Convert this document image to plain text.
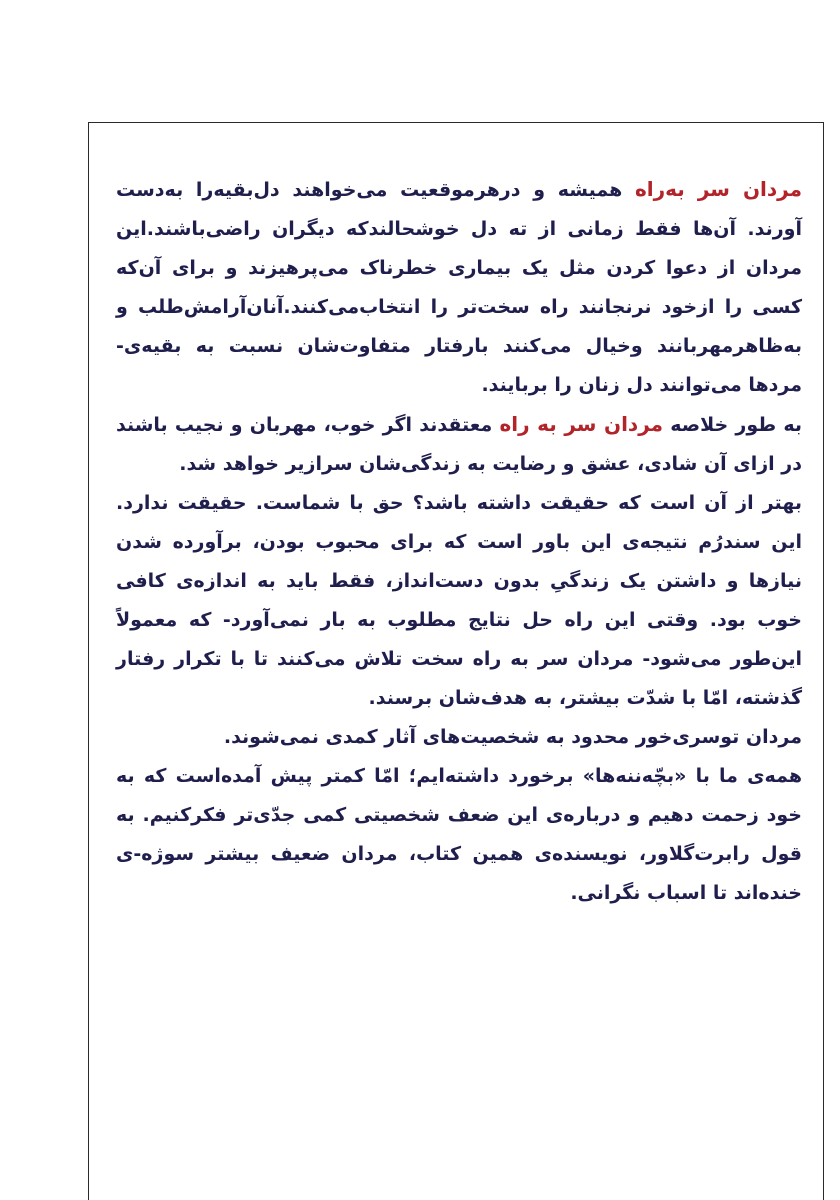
مردان سر به‌راه همیشه و درهرموقعیت می‌خواهند دل‌بقیه‌را به‌دست آورند. آن‌ها فقط زمانی از ته دل خوشحالندکه دیگران راضی‌باشند.این مردان از دعوا کردن مثل یک بیماری خطرناک می‌پرهیزند و برای آن‌که کسی را ازخود نرنجانند راه سخت‌تر را انتخاب‌می‌کنند.آنان‌آرامش‌طلب و به‌ظاهرمهربانند وخیال می‌کنند بارفتار متفاوت‌شان نسبت به بقیه‌ی- مردها می‌توانند دل زنان را بربایند.

به طور خلاصه مردان سر به راه معتقدند اگر خوب، مهربان و نجیب باشند در ازای آن شادی، عشق و رضایت به زندگی‌شان سرازیر خواهد شد.

بهتر از آن است که حقیقت داشته باشد؟ حق با شماست. حقیقت ندارد. این سندرُم نتیجه‌ی این باور است که برای محبوب بودن، برآورده شدن نیازها و داشتن یک زندگیِ بدون دست‌انداز، فقط باید به اندازه‌ی کافی خوب بود. وقتی این راه حل نتایج مطلوب به بار نمی‌آورد- که معمولاً این‌طور می‌شود- مردان سر به راه سخت تلاش می‌کنند تا با تکرار رفتار گذشته، امّا با شدّت بیشتر، به هدف‌شان برسند.

مردان توسری‌خور محدود به شخصیت‌های آثار کمدی نمی‌شوند.

همه‌ی ما با «بچّه‌ننه‌ها» برخورد داشته‌ایم؛ امّا کمتر پیش آمده‌است که به خود زحمت دهیم و درباره‌ی این ضعف شخصیتی کمی جدّی‌تر فکرکنیم. به قول رابرت‌گلاور، نویسنده‌ی همین کتاب، مردان ضعیف بیشتر سوژه-ی خنده‌اند تا اسباب نگرانی.
